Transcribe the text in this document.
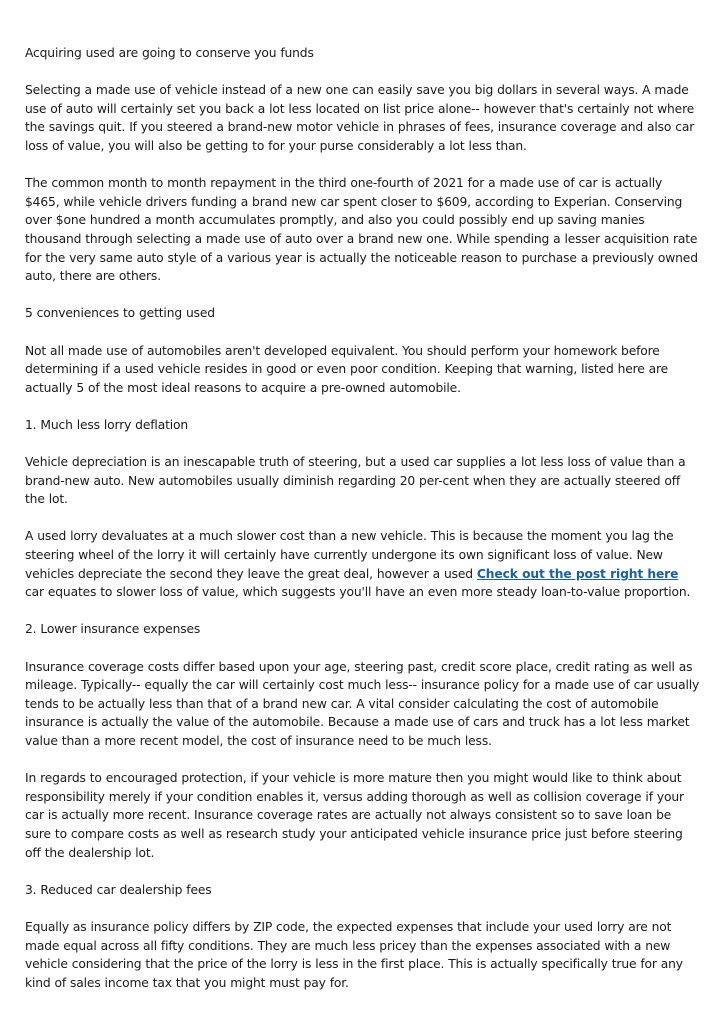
Acquiring used are going to conserve you funds

Selecting a made use of vehicle instead of a new one can easily save you big dollars in several ways. A made use of auto will certainly set you back a lot less located on list price alone-- however that's certainly not where the savings quit. If you steered a brand-new motor vehicle in phrases of fees, insurance coverage and also car loss of value, you will also be getting to for your purse considerably a lot less than.

The common month to month repayment in the third one-fourth of 2021 for a made use of car is actually $465, while vehicle drivers funding a brand new car spent closer to $609, according to Experian. Conserving over $one hundred a month accumulates promptly, and also you could possibly end up saving manies thousand through selecting a made use of auto over a brand new one. While spending a lesser acquisition rate for the very same auto style of a various year is actually the noticeable reason to purchase a previously owned auto, there are others.

5 conveniences to getting used

Not all made use of automobiles aren't developed equivalent. You should perform your homework before determining if a used vehicle resides in good or even poor condition. Keeping that warning, listed here are actually 5 of the most ideal reasons to acquire a pre-owned automobile.

1. Much less lorry deflation

Vehicle depreciation is an inescapable truth of steering, but a used car supplies a lot less loss of value than a brand-new auto. New automobiles usually diminish regarding 20 per-cent when they are actually steered off the lot.

A used lorry devaluates at a much slower cost than a new vehicle. This is because the moment you lag the steering wheel of the lorry it will certainly have currently undergone its own significant loss of value. New vehicles depreciate the second they leave the great deal, however a used Check out the post right here car equates to slower loss of value, which suggests you'll have an even more steady loan-to-value proportion.

2. Lower insurance expenses

Insurance coverage costs differ based upon your age, steering past, credit score place, credit rating as well as mileage. Typically-- equally the car will certainly cost much less-- insurance policy for a made use of car usually tends to be actually less than that of a brand new car. A vital consider calculating the cost of automobile insurance is actually the value of the automobile. Because a made use of cars and truck has a lot less market value than a more recent model, the cost of insurance need to be much less.

In regards to encouraged protection, if your vehicle is more mature then you might would like to think about responsibility merely if your condition enables it, versus adding thorough as well as collision coverage if your car is actually more recent. Insurance coverage rates are actually not always consistent so to save loan be sure to compare costs as well as research study your anticipated vehicle insurance price just before steering off the dealership lot.

3. Reduced car dealership fees

Equally as insurance policy differs by ZIP code, the expected expenses that include your used lorry are not made equal across all fifty conditions. They are much less pricey than the expenses associated with a new vehicle considering that the price of the lorry is less in the first place. This is actually specifically true for any kind of sales income tax that you might must pay for.
